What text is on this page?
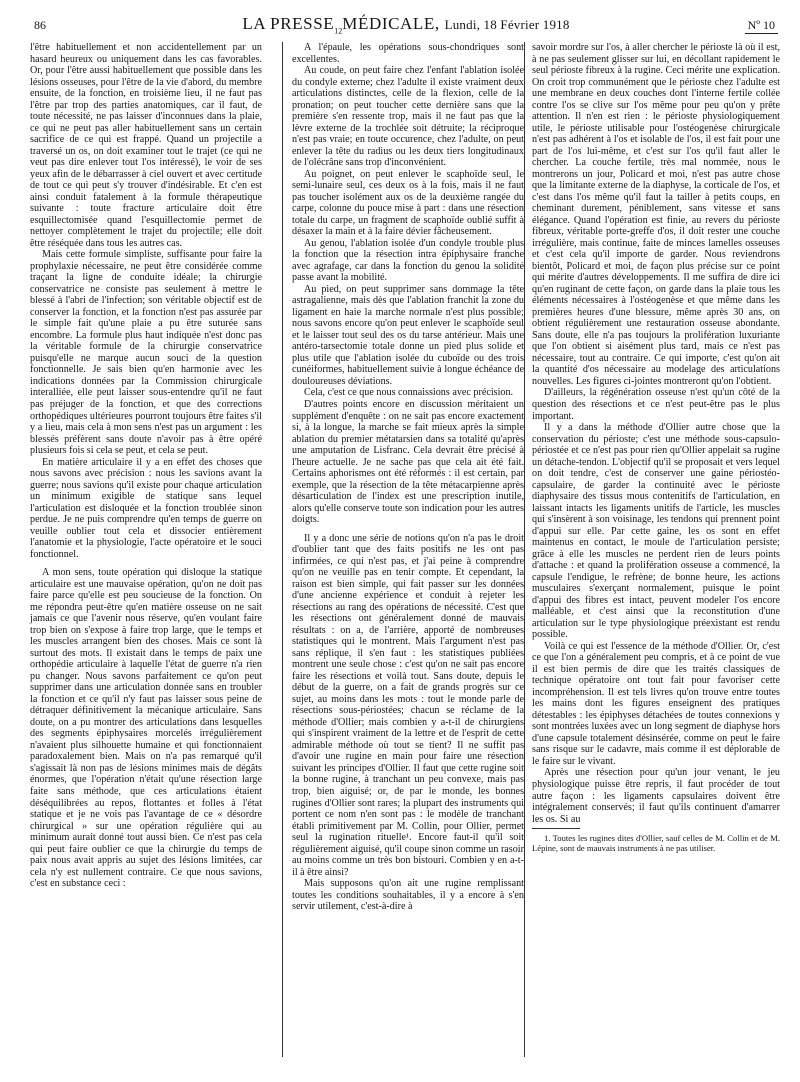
86	LA $PRESSE_{12}MÉDICALE$, Lundi, 18 Février 1918	Nº 10

l'être habituellement et non accidentellement par un hasard heureux ou uniquement dans les cas favorables. Or, pour l'être aussi habituellement que possible dans les lésions osseuses, pour l'être de la vie d'abord, du membre ensuite, de la fonction, en troisième lieu, il ne faut pas l'être par trop des parties anatomiques, car il faut, de toute nécessité, ne pas laisser d'inconnues dans la plaie, ce qui ne peut pas aller habituellement sans un certain sacrifice de ce qui est frappé. Quand un projectile a traversé un os, on doit examiner tout le trajet (ce qui ne veut pas dire enlever tout l'os intéressé), le voir de ses yeux afin de le débarrasser à ciel ouvert et avec certitude de tout ce qui peut s'y trouver d'indésirable. Et c'en est ainsi conduit fatalement à la formule thérapeutique suivante : toute fracture articulaire doit être esquillectomisée quand l'esquillectomie permet de nettoyer complètement le trajet du projectile; elle doit être réséquée dans tous les autres cas.

Mais cette formule simpliste, suffisante pour faire la prophylaxie nécessaire, ne peut être considérée comme traçant la ligne de conduite idéale; la chirurgie conservatrice ne consiste pas seulement à mettre le blessé à l'abri de l'infection; son véritable objectif est de conserver la fonction, et la fonction n'est pas assurée par le simple fait qu'une plaie a pu être suturée sans encombre. La formule plus haut indiquée n'est donc pas la véritable formule de la chirurgie conservatrice puisqu'elle ne marque aucun souci de la question fonctionnelle. Je sais bien qu'en harmonie avec les indications données par la Commission chirurgicale interalliée, elle peut laisser sous-entendre qu'il ne faut pas préjuger de la fonction, et que des corrections orthopédiques ultérieures pourront toujours être faites s'il y a lieu, mais cela à mon sens n'est pas un argument : les blessés préfèrent sans doute n'avoir pas à être opéré plusieurs fois si cela se peut, et cela se peut.

En matière articulaire il y a en effet des choses que nous savons avec précision : nous les savions avant la guerre; nous savions qu'il existe pour chaque articulation un minimum exigible de statique sans lequel l'articulation est disloquée et la fonction troublée sinon perdue. Je ne puis comprendre qu'en temps de guerre on veuille oublier tout cela et dissocier entièrement l'anatomie et la physiologie, l'acte opératoire et le souci fonctionnel.

A mon sens, toute opération qui disloque la statique articulaire est une mauvaise opération, qu'on ne doit pas faire parce qu'elle est peu soucieuse de la fonction. On me répondra peut-être qu'en matière osseuse on ne sait jamais ce que l'avenir nous réserve, qu'en voulant faire trop bien on s'expose à faire trop large, que le temps et les muscles arrangent bien des choses. Mais ce sont là surtout des mots. Il existait dans le temps de paix une orthopédie articulaire à laquelle l'état de guerre n'a rien pu changer. Nous savons parfaitement ce qu'on peut supprimer dans une articulation donnée sans en troubler la fonction et ce qu'il n'y faut pas laisser sous peine de détraquer définitivement la mécanique articulaire. Sans doute, on a pu montrer des articulations dans lesquelles des segments épiphysaires morcelés irrégulièrement n'avaient plus silhouette humaine et qui fonctionnaient paradoxalement bien. Mais on n'a pas remarqué qu'il s'agissait là non pas de lésions minimes mais de dégâts énormes, que l'opération n'était qu'une résection large faite sans méthode, que ces articulations étaient déséquilibrées au repos, flottantes et folles à l'état statique et je ne vois pas l'avantage de ce « désordre chirurgical » sur une opération régulière qui au minimum aurait donné tout aussi bien. Ce n'est pas cela qui peut faire oublier ce que la chirurgie du temps de paix nous avait appris au sujet des lésions limitées, car cela n'y est nullement contraire. Ce que nous savions, c'est en substance ceci :

A l'épaule, les opérations sous-chondriques sont excellentes.

Au coude, on peut faire chez l'enfant l'ablation isolée du condyle externe; chez l'adulte il existe vraiment deux articulations distinctes, celle de la flexion, celle de la pronation; on peut toucher cette dernière sans que la première s'en ressente trop, mais il ne faut pas que la lèvre externe de la trochlée soit détruite; la réciproque n'est pas vraie; en toute occurence, chez l'adulte, on peut enlever la tête du radius ou les deux tiers longitudinaux de l'olécrâne sans trop d'inconvénient.

Au poignet, on peut enlever le scaphoïde seul, le semi-lunaire seul, ces deux os à la fois, mais il ne faut pas toucher isolément aux os de la deuxième rangée du carpe, colonne du pouce mise à part : dans une résection totale du carpe, un fragment de scaphoïde oublié suffit à désaxer la main et à la faire dévier fâcheusement.

Au genou, l'ablation isolée d'un condyle trouble plus la fonction que la résection intra épiphysaire franche avec agrafage, car dans la fonction du genou la solidité passe avant la mobilité.

Au pied, on peut supprimer sans dommage la tête astragalienne, mais dès que l'ablation franchit la zone du ligament en haie la marche normale n'est plus possible; nous savons encore qu'on peut enlever le scaphoïde seul et le laisser tout seul des os du tarse antérieur. Mais une antéro-tarsectomie totale donne un pied plus solide et plus utile que l'ablation isolée du cuboïde ou des trois cunéiformes, habituellement suivie à longue échéance de douloureuses déviations.

Cela, c'est ce que nous connaissions avec précision.

D'autres points encore en discussion méritaient un supplément d'enquête : on ne sait pas encore exactement si, à la longue, la marche se fait mieux après la simple ablation du premier métatarsien dans sa totalité qu'après une amputation de Lisfranc. Cela devrait être précisé à l'heure actuelle. Je ne sache pas que cela ait été fait. Certains aphorismes ont été réformés : il est certain, par exemple, que la résection de la tête métacarpienne après désarticulation de l'index est une prescription inutile, alors qu'elle conserve toute son indication pour les autres doigts.

Il y a donc une série de notions qu'on n'a pas le droit d'oublier tant que des faits positifs ne les ont pas infirmées, ce qui n'est pas, et j'ai peine à comprendre qu'on ne veuille pas en tenir compte. Et cependant, la raison est bien simple, qui fait passer sur les données d'une ancienne expérience et conduit à rejeter les résections au rang des opérations de nécessité. C'est que les résections ont généralement donné de mauvais résultats : on a, de l'arrière, apporté de nombreuses statistiques qui le montrent. Mais l'argument n'est pas sans réplique, il s'en faut : les statistiques publiées montrent une seule chose : c'est qu'on ne sait pas encore faire les résections et voilà tout. Sans doute, depuis le début de la guerre, on a fait de grands progrès sur ce sujet, au moins dans les mots : tout le monde parle de résections sous-périostées; chacun se réclame de la méthode d'Ollier; mais combien y a-t-il de chirurgiens qui s'inspirent vraiment de la lettre et de l'esprit de cette admirable méthode où tout se tient? Il ne suffit pas d'avoir une rugine en main pour faire une résection suivant les principes d'Ollier. Il faut que cette rugine soit la bonne rugine, à tranchant un peu convexe, mais pas trop, bien aiguisé; or, de par le monde, les bonnes rugines d'Ollier sont rares; la plupart des instruments qui portent ce nom n'en sont pas : le modèle de tranchant établi primitivement par M. Collin, pour Ollier, permet seul la rugination rituelle¹. Encore faut-il qu'il soit régulièrement aiguisé, qu'il coupe sinon comme un rasoir au moins comme un très bon bistouri. Combien y en a-t-il à être ainsi?

Mais supposons qu'on ait une rugine remplissant toutes les conditions souhaitables, il y a encore à s'en servir utilement, c'est-à-dire à

savoir mordre sur l'os, à aller chercher le périoste là où il est, à ne pas seulement glisser sur lui, en décollant rapidement le seul périoste fibreux à la rugine. Ceci mérite une explication. On croit trop communément que le périoste chez l'adulte est une membrane en deux couches dont l'interne fertile collée contre l'os se clive sur l'os même pour peu qu'on y prête attention. Il n'en est rien : le périoste physiologiquement utile, le périoste utilisable pour l'ostéogenèse chirurgicale n'est pas adhérent à l'os et isolable de l'os, il est fait pour une part de l'os lui-même, et c'est sur l'os qu'il faut aller le chercher. La couche fertile, très mal nommée, nous le montrerons un jour, Policard et moi, n'est pas autre chose que la limitante externe de la diaphyse, la corticale de l'os, et c'est dans l'os même qu'il faut la tailler à petits coups, en cheminant durement, péniblement, sans vitesse et sans élégance. Quand l'opération est finie, au revers du périoste fibreux, véritable porte-greffe d'os, il doit rester une couche irrégulière, mais continue, faite de minces lamelles osseuses et c'est cela qu'il importe de garder. Nous reviendrons bientôt, Policard et moi, de façon plus précise sur ce point qui mérite d'autres développements. Il me suffira de dire ici qu'en ruginant de cette façon, on garde dans la plaie tous les éléments nécessaires à l'ostéogenèse et que même dans les premières heures d'une blessure, même après 30 ans, on obtient régulièrement une restauration osseuse abondante. Sans doute, elle n'a pas toujours la prolifération luxuriante que l'on obtient si aisément plus tard, mais ce n'est pas nécessaire, tout au contraire. Ce qui importe, c'est qu'on ait la quantité d'os nécessaire au modelage des articulations nouvelles. Les figures ci-jointes montreront qu'on l'obtient.

D'ailleurs, la régénération osseuse n'est qu'un côté de la question des résections et ce n'est peut-être pas le plus important.

Il y a dans la méthode d'Ollier autre chose que la conservation du périoste; c'est une méthode sous-capsulo-périostée et ce n'est pas pour rien qu'Ollier appelait sa rugine un détache-tendon. L'objectif qu'il se proposait et vers lequel on doit tendre, c'est de conserver une gaine périostéo-capsulaire, de garder la continuité avec le périoste diaphysaire des tissus mous contenitifs de l'articulation, en laissant intacts les ligaments unitifs de l'article, les muscles qui s'insèrent à son voisinage, les tendons qui prennent point d'appui sur elle. Par cette gaine, les os sont en effet maintenus en contact, le moule de l'articulation persiste; grâce à elle les muscles ne perdent rien de leurs points d'attache : et quand la prolifération osseuse a commencé, la capsule l'endigue, le refrène; de bonne heure, les actions musculaires s'exerçant normalement, puisque le point d'appui des fibres est intact, peuvent modeler l'os encore malléable, et c'est ainsi que la reconstitution d'une articulation sur le type physiologique préexistant est rendu possible.

Voilà ce qui est l'essence de la méthode d'Ollier. Or, c'est ce que l'on a généralement peu compris, et à ce point de vue il est bien permis de dire que les traités classiques de technique opératoire ont tout fait pour favoriser cette incompréhension. Il est tels livres qu'on trouve entre toutes les mains dont les figures enseignent des pratiques détestables : les épiphyses détachées de toutes connexions y sont montrées luxées avec un long segment de diaphyse hors d'une capsule totalement désinsérée, comme on peut le faire sans risque sur le cadavre, mais comme il est déplorable de le faire sur le vivant.

Après une résection pour qu'un jour venant, le jeu physiologique puisse être repris, il faut procéder de tout autre façon : les ligaments capsulaires doivent être intégralement conservés; il faut qu'ils continuent d'amarrer les os. Si au

1. Toutes les rugines dites d'Ollier, sauf celles de M. Collin et de M. Lépine, sont de mauvais instruments à ne pas utiliser.
